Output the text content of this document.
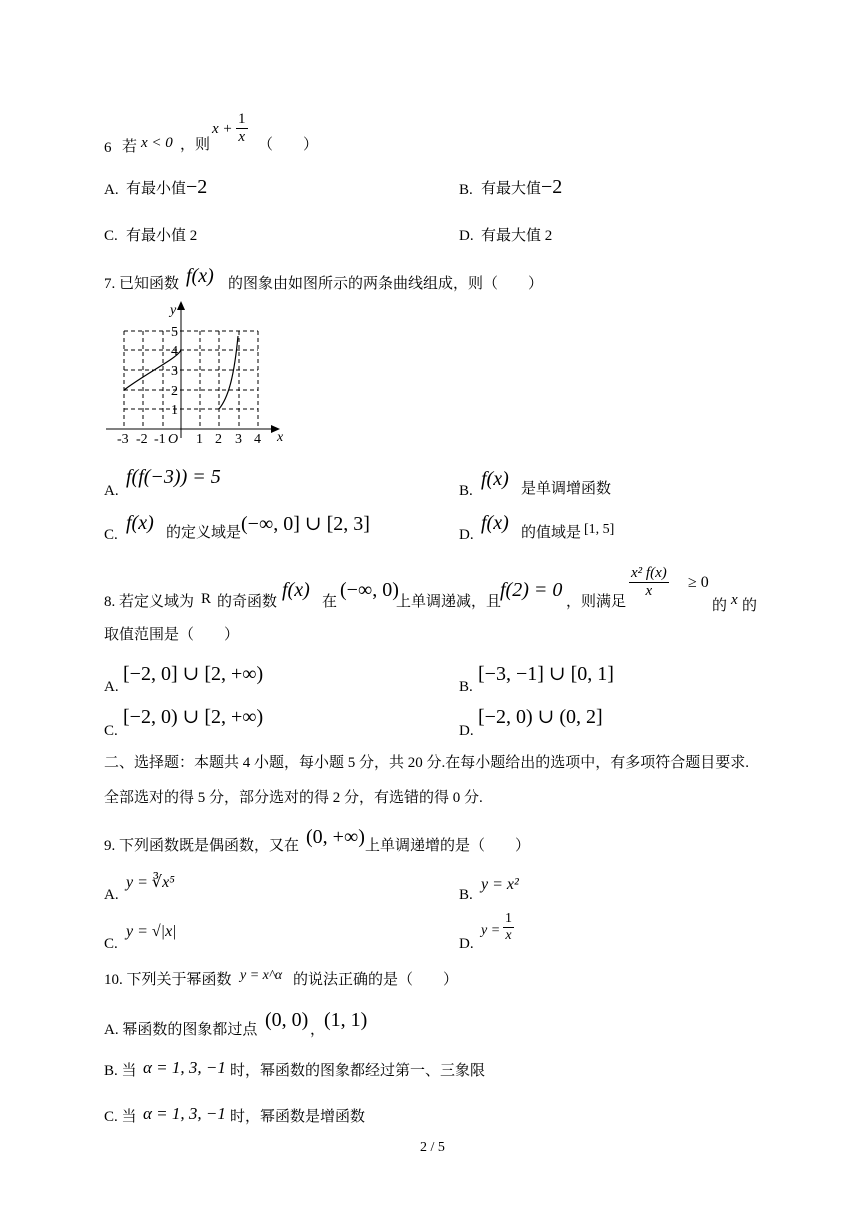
6 若 x < 0 ，则
$x + \frac{1}{x}$ （　　）
A. 有最小值 −2	B. 有最大值 −2
C. 有最小值 2	D. 有最大值 2
7. 已知函数 f(x) 的图象由如图所示的两条曲线组成，则（　　）
y
x
O
-3 -2 -1 1 2 3 4
1
2
3
4
5
A.
f(f(−3)) = 5
B.
f(x) 是单调增函数
C.
f(x) 的定义域是 (−∞, 0] ∪ [2, 3]	D.
f(x) 的值域是 [1, 5]
8. 若定义域为 R 的奇函数
f(x)
在
(−∞, 0)
上单调递减，且
f(2) = 0
，则满足
$\frac{\text{x² f(x)}}{x} \ge 0$
的 x 的
取值范围是（　　）
A.
[−2, 0] ∪ [2, +∞)
B.
[−3, −1] ∪ [0, 1]
C.
[−2, 0) ∪ [2, +∞)
D.
[−2, 0) ∪ (0, 2]
二、选择题：本题共 4 小题，每小题 5 分，共 20 分.在每小题给出的选项中，有多项符合题目要求.
全部选对的得 5 分，部分选对的得 2 分，有选错的得 0 分.
9. 下列函数既是偶函数，又在 (0, +∞) 上单调递增的是（　　）
A.
y = ∛x⁵
B.
y = x²
C.
y = √|x|
D.
$y = \frac{1}{x}$
10. 下列关于幂函数 y = x^α 的说法正确的是（　　）
A. 幂函数的图象都过点 (0, 0) ，
(1, 1)
B. 当 α = 1, 3, −1 时，幂函数的图象都经过第一、三象限
C. 当 α = 1, 3, −1 时，幂函数是增函数
2 / 5
